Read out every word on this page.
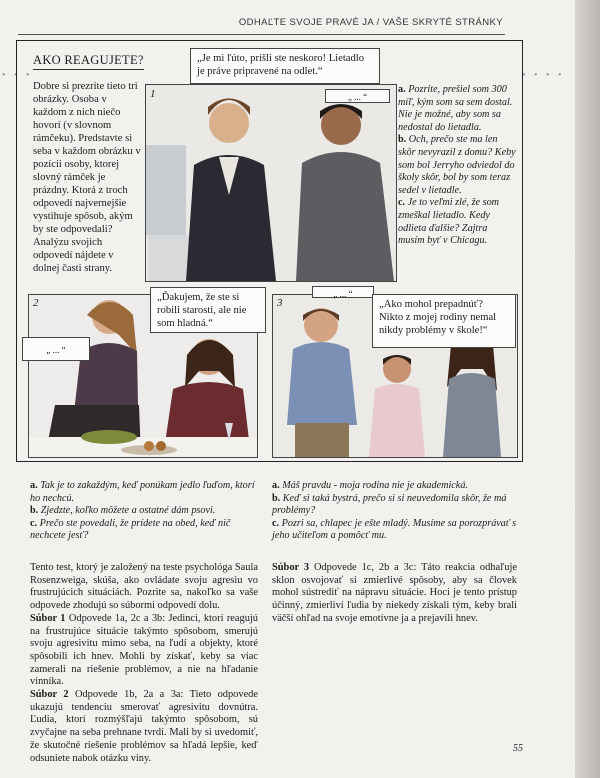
ODHAĽTE SVOJE PRAVÉ JA / VAŠE SKRYTÉ STRÁNKY
• • •	• • • •
AKO REAGUJETE?
Dobre si prezrite tieto tri obrázky. Osoba v každom z nich niečo hovorí (v slovnom rámčeku). Predstavte si seba v každom obrázku v pozícii osoby, ktorej slovný rámček je prázdny. Ktorá z troch odpovedí najvernejšie vystihuje spôsob, akým by ste odpovedali? Analýzu svojich odpovedí nájdete v dolnej časti strany.
1
„Je mi ľúto, prišli ste neskoro! Lietadlo je práve pripravené na odlet.“
„ ... “
a. Pozrite, prešiel som 300 míľ, kým som sa sem dostal. Nie je možné, aby som sa nedostal do lietadla.
b. Och, prečo ste ma len skôr nevyrazil z domu? Keby som bol Jerryho odviedol do školy skôr, bol by som teraz sedel v lietadle.
c. Je to veľmi zlé, že som zmeškal lietadlo. Kedy odlieta ďalšie? Zajtra musím byť v Chicagu.
2	„Ďakujem, že ste si robili starosti, ale nie som hladná.“
„ ... “
3
„ ... “
„Ako mohol prepadnúť? Nikto z mojej rodiny nemal nikdy problémy v škole!“
a. Tak je to zakaždým, keď ponúkam jedlo ľuďom, ktorí ho nechcú.
b. Zjedzte, koľko môžete a ostatné dám psovi.
c. Prečo ste povedali, že prídete na obed, keď nič nechcete jesť?
a. Máš pravdu - moja rodina nie je akademická.
b. Keď si taká bystrá, prečo si si neuvedomila skôr, že má problémy?
c. Pozri sa, chlapec je ešte mladý. Musíme sa porozprávať s jeho učiteľom a pomôcť mu.
Tento test, ktorý je založený na teste psychológa Saula Rosenzweiga, skúša, ako ovládate svoju agresiu vo frustrujúcich situáciách. Pozrite sa, nakoľko sa vaše odpovede zhodujú so súbormi odpovedí dolu.
Súbor 1 Odpovede 1a, 2c a 3b: Jedinci, ktorí reagujú na frustrujúce situácie takýmto spôsobom, smerujú svoju agresivitu mimo seba, na ľudí a objekty, ktoré spôsobili ich hnev. Mohli by získať, keby sa viac zamerali na riešenie problémov, a nie na hľadanie vinníka.
Súbor 2 Odpovede 1b, 2a a 3a: Tieto odpovede ukazujú tendenciu smerovať agresivitu dovnútra. Ľudia, ktorí rozmýšľajú takýmto spôsobom, sú zvyčajne na seba prehnane tvrdí. Mali by si uvedomiť, že skutočné riešenie problémov sa hľadá lepšie, keď odsuniete nabok otázku viny.
Súbor 3 Odpovede 1c, 2b a 3c: Táto reakcia odhaľuje sklon osvojovať si zmierlivé spôsoby, aby sa človek mohol sústrediť na nápravu situácie. Hoci je tento prístup účinný, zmierliví ľudia by niekedy získali tým, keby brali väčší ohľad na svoje emotívne ja a prejavili hnev.
55
